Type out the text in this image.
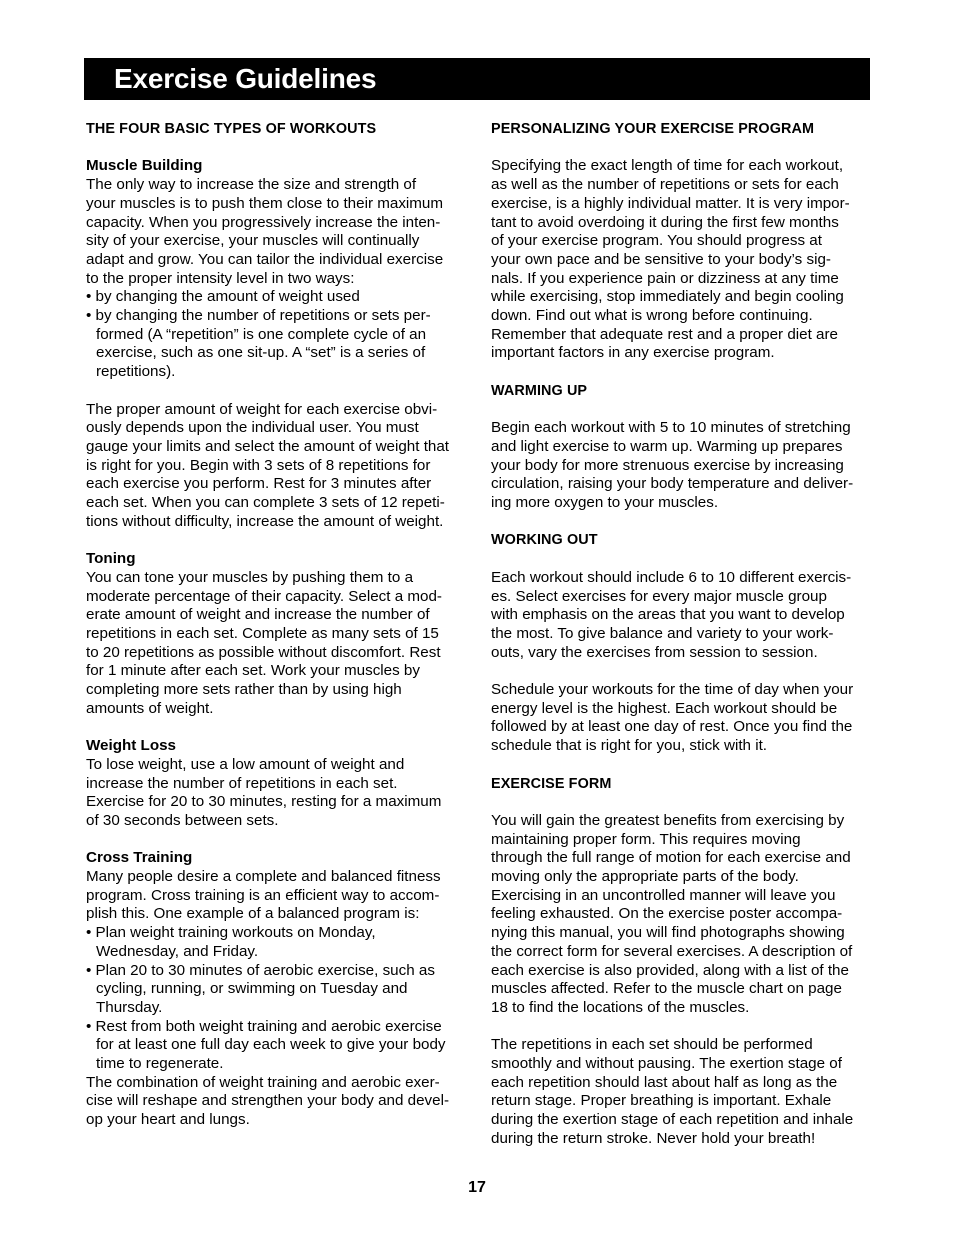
Exercise Guidelines

THE FOUR BASIC TYPES OF WORKOUTS

Muscle Building

The only way to increase the size and strength of

your muscles is to push them close to their maximum

capacity. When you progressively increase the inten-

sity of your exercise, your muscles will continually

adapt and grow. You can tailor the individual exercise

to the proper intensity level in two ways:

• by changing the amount of weight used

• by changing the number of repetitions or sets per-

formed (A “repetition” is one complete cycle of an

exercise, such as one sit-up. A “set” is a series of

repetitions).

The proper amount of weight for each exercise obvi-

ously depends upon the individual user. You must

gauge your limits and select the amount of weight that

is right for you. Begin with 3 sets of 8 repetitions for

each exercise you perform. Rest for 3 minutes after

each set. When you can complete 3 sets of 12 repeti-

tions without difficulty, increase the amount of weight.

Toning

You can tone your muscles by pushing them to a

moderate percentage of their capacity. Select a mod-

erate amount of weight and increase the number of

repetitions in each set. Complete as many sets of 15

to 20 repetitions as possible without discomfort. Rest

for 1 minute after each set. Work your muscles by

completing more sets rather than by using high

amounts of weight.

Weight Loss

To lose weight, use a low amount of weight and

increase the number of repetitions in each set.

Exercise for 20 to 30 minutes, resting for a maximum

of 30 seconds between sets.

Cross Training

Many people desire a complete and balanced fitness

program. Cross training is an efficient way to accom-

plish this. One example of a balanced program is:

• Plan weight training workouts on Monday,

Wednesday, and Friday.

• Plan 20 to 30 minutes of aerobic exercise, such as

cycling, running, or swimming on Tuesday and

Thursday.

• Rest from both weight training and aerobic exercise

for at least one full day each week to give your body

time to regenerate.

The combination of weight training and aerobic exer-

cise will reshape and strengthen your body and devel-

op your heart and lungs.

PERSONALIZING YOUR EXERCISE PROGRAM

Specifying the exact length of time for each workout,

as well as the number of repetitions or sets for each

exercise, is a highly individual matter. It is very impor-

tant to avoid overdoing it during the first few months

of your exercise program. You should progress at

your own pace and be sensitive to your body’s sig-

nals. If you experience pain or dizziness at any time

while exercising, stop immediately and begin cooling

down. Find out what is wrong before continuing.

Remember that adequate rest and a proper diet are

important factors in any exercise program.

WARMING UP

Begin each workout with 5 to 10 minutes of stretching

and light exercise to warm up. Warming up prepares

your body for more strenuous exercise by increasing

circulation, raising your body temperature and deliver-

ing more oxygen to your muscles.

WORKING OUT

Each workout should include 6 to 10 different exercis-

es. Select exercises for every major muscle group

with emphasis on the areas that you want to develop

the most. To give balance and variety to your work-

outs, vary the exercises from session to session.

Schedule your workouts for the time of day when your

energy level is the highest. Each workout should be

followed by at least one day of rest. Once you find the

schedule that is right for you, stick with it.

EXERCISE FORM

You will gain the greatest benefits from exercising by

maintaining proper form. This requires moving

through the full range of motion for each exercise and

moving only the appropriate parts of the body.

Exercising in an uncontrolled manner will leave you

feeling exhausted. On the exercise poster accompa-

nying this manual, you will find photographs showing

the correct form for several exercises. A description of

each exercise is also provided, along with a list of the

muscles affected. Refer to the muscle chart on page

18 to find the locations of the muscles.

The repetitions in each set should be performed

smoothly and without pausing. The exertion stage of

each repetition should last about half as long as the

return stage. Proper breathing is important. Exhale

during the exertion stage of each repetition and inhale

during the return stroke. Never hold your breath!

17
